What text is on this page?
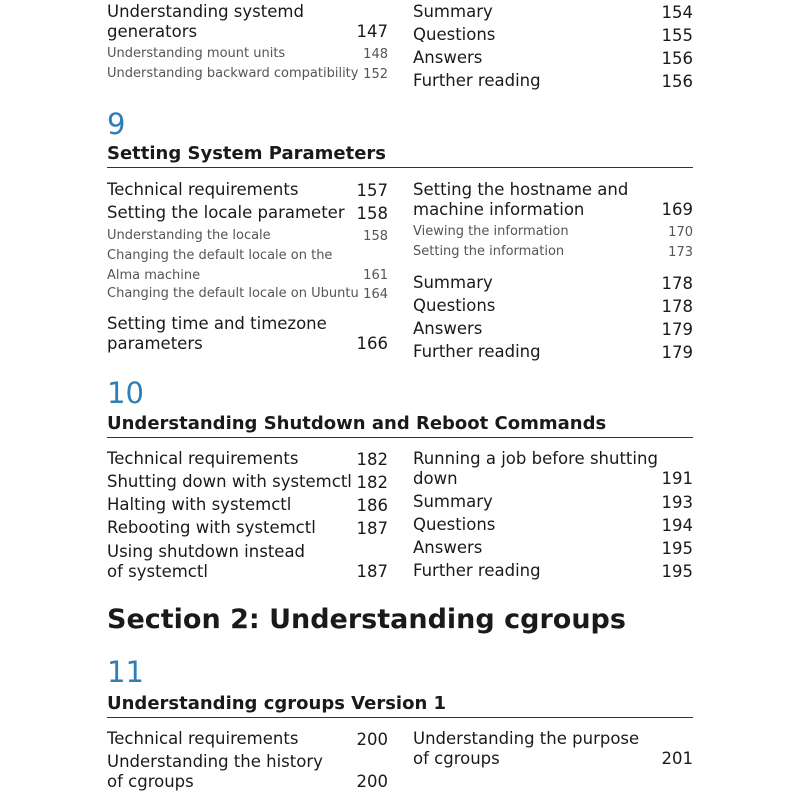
Understanding systemd
generators	147
Understanding mount units	148
Understanding backward compatibility 152
Summary	154
Questions	155
Answers	156
Further reading	156
9
Setting System Parameters
Technical requirements	157
Setting the locale parameter 158
Understanding the locale	158
Changing the default locale on the
Alma machine	161
Changing the default locale on Ubuntu 164
Setting time and timezone
parameters	166
Setting the hostname and
machine information	169
Viewing the information	170
Setting the information	173
Summary	178
Questions	178
Answers	179
Further reading	179
10
Understanding Shutdown and Reboot Commands
Technical requirements	182
Shutting down with systemctl 182
Halting with systemctl	186
Rebooting with systemctl 187
Using shutdown instead
of systemctl	187
Running a job before shutting
down	191
Summary	193
Questions	194
Answers	195
Further reading	195
Section 2: Understanding cgroups
11
Understanding cgroups Version 1
Technical requirements	200
Understanding the history
of cgroups	200
Understanding the purpose
of cgroups	201
